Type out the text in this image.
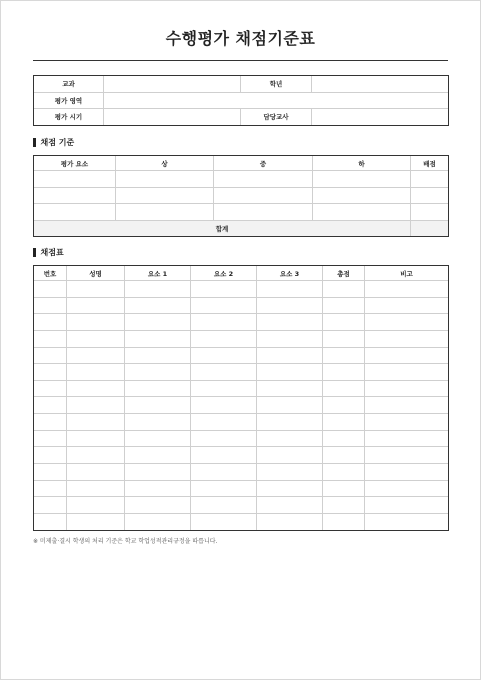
수행평가 채점기준표
교과		학년	
평가 영역			
평가 시기		담당교사	
채점 기준
평가 요소	상	중	하	배점

합계				
채점표
번호	성명	요소 1	요소 2	요소 3	총점	비고

※ 미제출·결시 학생의 처리 기준은 학교 학업성적관리규정을 따릅니다.
